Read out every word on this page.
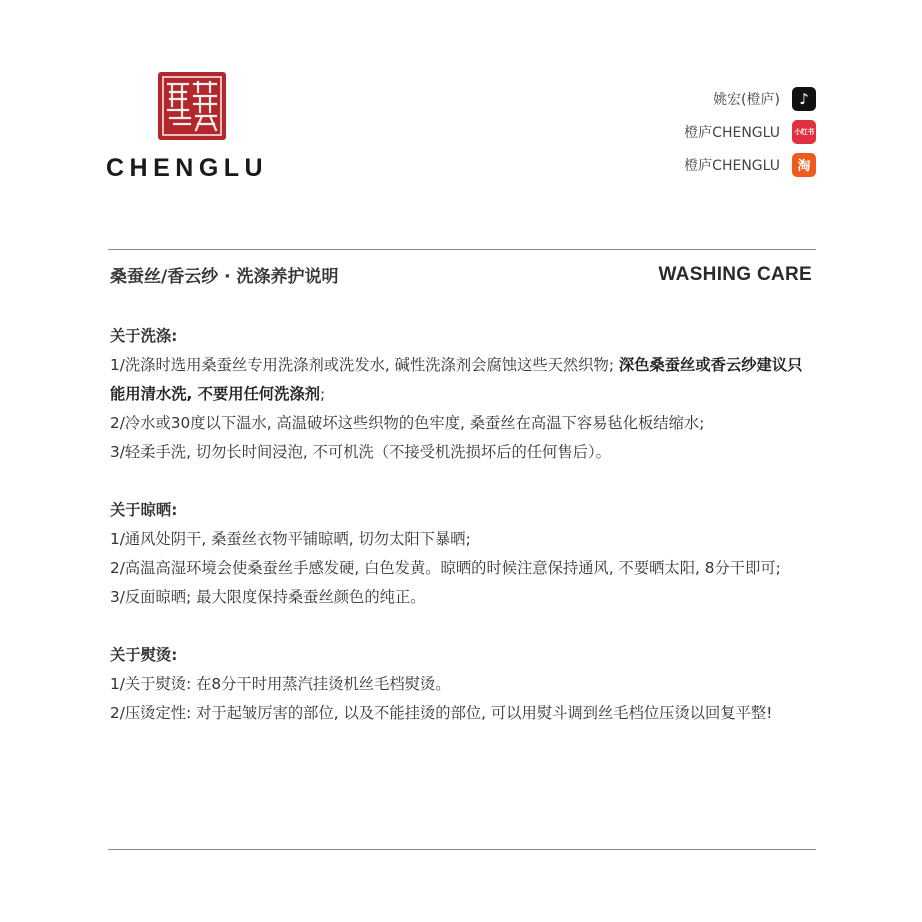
CHENGLU
姚宏(橙庐)	♪
橙庐CHENGLU	小红书
橙庐CHENGLU	淘
桑蚕丝/香云纱 · 洗涤养护说明	WASHING CARE
关于洗涤:

1/洗涤时选用桑蚕丝专用洗涤剂或洗发水, 碱性洗涤剂会腐蚀这些天然织物; 深色桑蚕丝或香云纱建议只能用清水洗, 不要用任何洗涤剂;

2/冷水或30度以下温水, 高温破坏这些织物的色牢度, 桑蚕丝在高温下容易毡化板结缩水;

3/轻柔手洗, 切勿长时间浸泡, 不可机洗（不接受机洗损坏后的任何售后）。

关于晾晒:

1/通风处阴干, 桑蚕丝衣物平铺晾晒, 切勿太阳下暴晒;

2/高温高湿环境会使桑蚕丝手感发硬, 白色发黄。晾晒的时候注意保持通风, 不要晒太阳, 8分干即可;

3/反面晾晒; 最大限度保持桑蚕丝颜色的纯正。

关于熨烫:

1/关于熨烫: 在8分干时用蒸汽挂烫机丝毛档熨烫。

2/压烫定性: 对于起皱厉害的部位, 以及不能挂烫的部位, 可以用熨斗调到丝毛档位压烫以回复平整!
